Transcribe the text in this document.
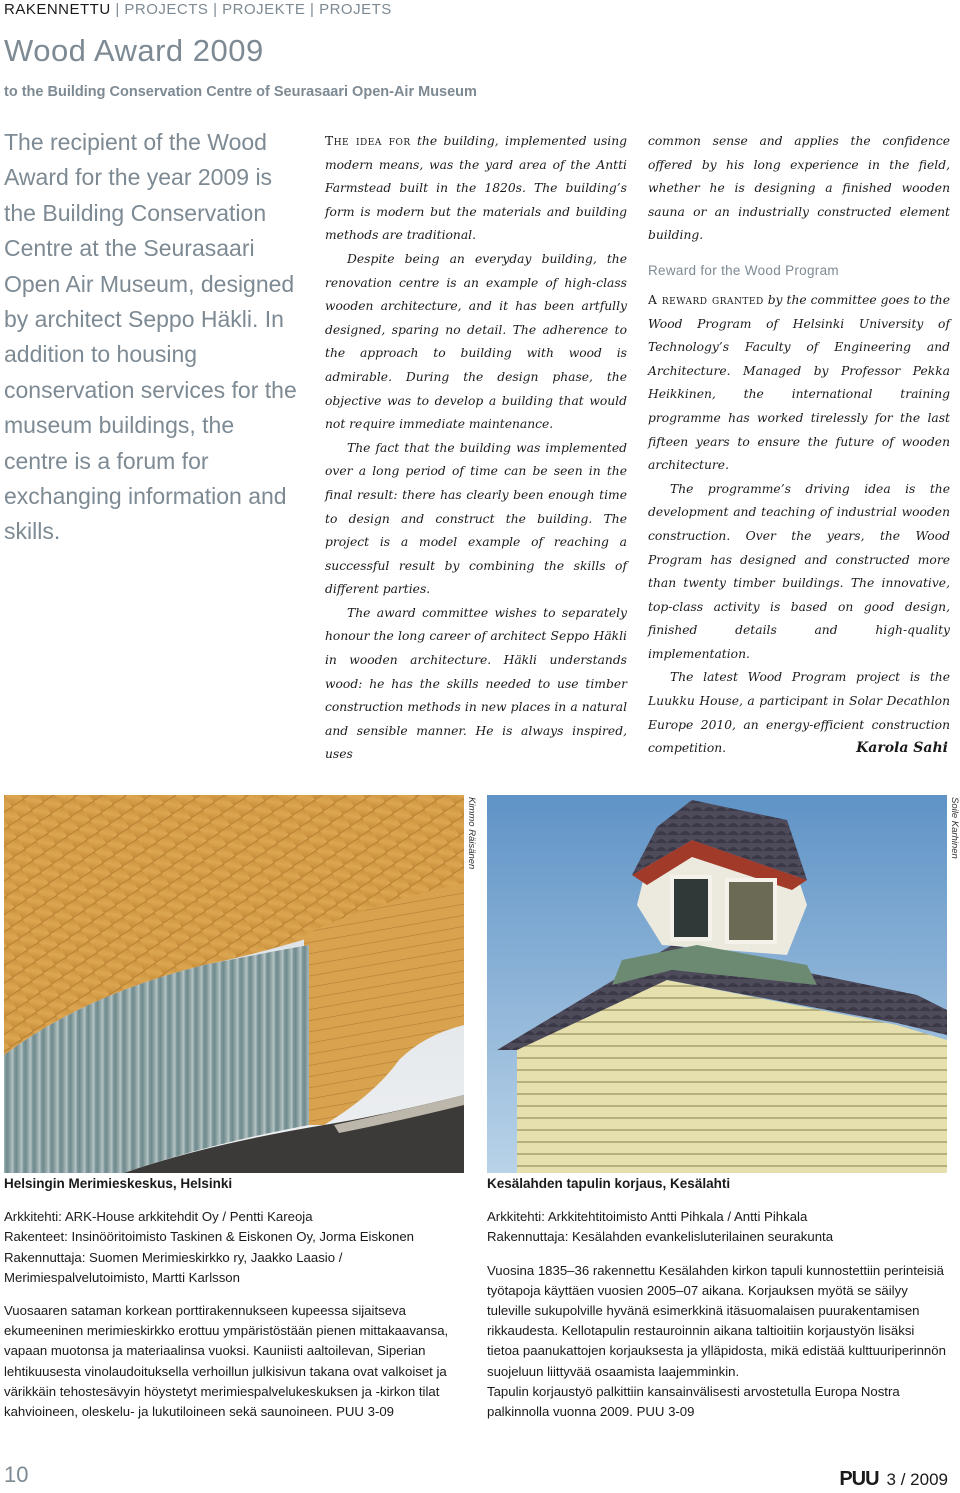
RAKENNETTU | PROJECTS | PROJEKTE | PROJETS
Wood Award 2009
to the Building Conservation Centre of Seurasaari Open-Air Museum
The recipient of the Wood Award for the year 2009 is the Building Conservation Centre at the Seurasaari Open Air Museum, designed by architect Seppo Häkli. In addition to housing conservation services for the museum buildings, the centre is a forum for exchanging information and skills.

The idea for the building, implemented using modern means, was the yard area of the Antti Farmstead built in the 1820s. The building’s form is modern but the materials and building methods are traditional.

Despite being an everyday building, the renovation centre is an example of high-class wooden architecture, and it has been artfully designed, sparing no detail. The adherence to the approach to building with wood is admirable. During the design phase, the objective was to develop a building that would not require immediate maintenance.

The fact that the building was implemented over a long period of time can be seen in the final result: there has clearly been enough time to design and construct the building. The project is a model example of reaching a successful result by combining the skills of different parties.

The award committee wishes to separately honour the long career of architect Seppo Häkli in wooden architecture. Häkli understands wood: he has the skills needed to use timber construction methods in new places in a natural and sensible manner. He is always inspired, uses

common sense and applies the confidence offered by his long experience in the field, whether he is designing a finished wooden sauna or an industrially constructed element building.

Reward for the Wood Program

A reward granted by the committee goes to the Wood Program of Helsinki University of Technology’s Faculty of Engineering and Architecture. Managed by Professor Pekka Heikkinen, the international training programme has worked tirelessly for the last fifteen years to ensure the future of wooden architecture.

The programme’s driving idea is the development and teaching of industrial wooden construction. Over the years, the Wood Program has designed and constructed more than twenty timber buildings. The innovative, top-class activity is based on good design, finished details and high-quality implementation.

The latest Wood Program project is the Luukku House, a participant in Solar Decathlon Europe 2010, an energy-efficient construction competition.	Karola Sahi
Kimmo Räisänen	Soile Karhinen

Helsingin Merimieskeskus, Helsinki

Arkkitehti: ARK-House arkkitehdit Oy / Pentti Kareoja

Rakenteet: Insinööritoimisto Taskinen & Eiskonen Oy, Jorma Eiskonen

Rakennuttaja: Suomen Merimieskirkko ry, Jaakko Laasio / Merimiespalvelutoimisto, Martti Karlsson

Vuosaaren sataman korkean porttirakennukseen kupeessa sijaitseva ekumeeninen merimieskirkko erottuu ympäristöstään pienen mittakaavansa, vapaan muotonsa ja materiaalinsa vuoksi. Kauniisti aaltoilevan, Siperian lehtikuusesta vinolaudoituksella verhoillun julkisivun takana ovat valkoiset ja värikkäin tehostesävyin höystetyt merimiespalvelukeskuksen ja -kirkon tilat kahvioineen, oleskelu- ja lukutiloineen sekä saunoineen. PUU 3-09

Kesälahden tapulin korjaus, Kesälahti

Arkkitehti: Arkkitehtitoimisto Antti Pihkala / Antti Pihkala

Rakennuttaja: Kesälahden evankelisluterilainen seurakunta

Vuosina 1835–36 rakennettu Kesälahden kirkon tapuli kunnostettiin perinteisiä työtapoja käyttäen vuosien 2005–07 aikana. Korjauksen myötä se säilyy tuleville sukupolville hyvänä esimerkkinä itäsuomalaisen puurakentamisen rikkaudesta. Kellotapulin restauroinnin aikana taltioitiin korjaustyön lisäksi tietoa paanukattojen korjauksesta ja ylläpidosta, mikä edistää kulttuuriperinnön suojeluun liittyvää osaamista laajemminkin.

Tapulin korjaustyö palkittiin kansainvälisesti arvostetulla Europa Nostra palkinnolla vuonna 2009. PUU 3-09

10	PUU 3 / 2009
